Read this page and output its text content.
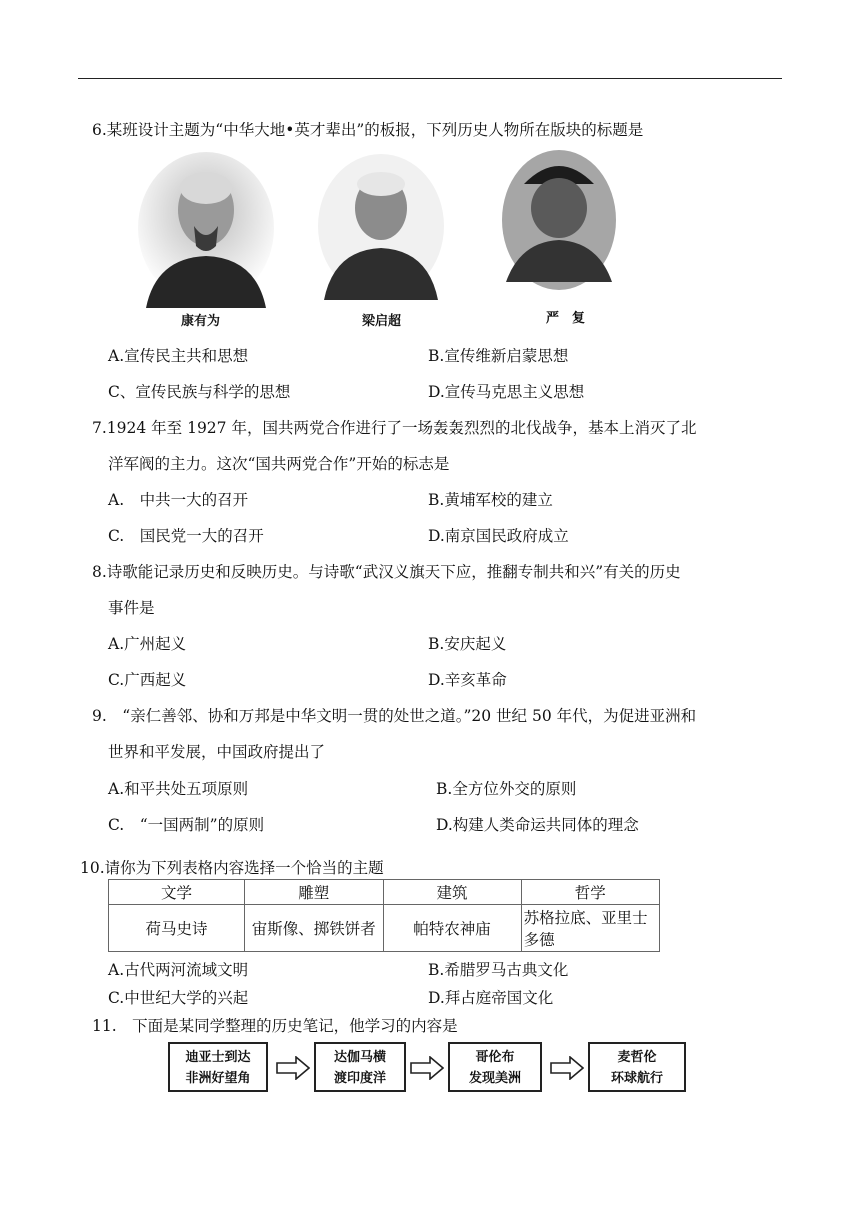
6.某班设计主题为“中华大地•英才辈出”的板报，下列历史人物所在版块的标题是
康有为	梁启超	严　复
A.宣传民主共和思想	B.宣传维新启蒙思想
C、宣传民族与科学的思想	D.宣传马克思主义思想
7.1924 年至 1927 年，国共两党合作进行了一场轰轰烈烈的北伐战争，基本上消灭了北
洋军阀的主力。这次“国共两党合作”开始的标志是
A.　中共一大的召开	B.黄埔军校的建立
C.　国民党一大的召开	D.南京国民政府成立
8.诗歌能记录历史和反映历史。与诗歌“武汉义旗天下应，推翻专制共和兴”有关的历史
事件是
A.广州起义	B.安庆起义
C.广西起义	D.辛亥革命
9.　“亲仁善邻、协和万邦是中华文明一贯的处世之道。”20 世纪 50 年代，为促进亚洲和
世界和平发展，中国政府提出了
A.和平共处五项原则	B.全方位外交的原则
C.　“一国两制”的原则	D.构建人类命运共同体的理念
10.请你为下列表格内容选择一个恰当的主题
文学	雕塑	建筑	哲学
荷马史诗	宙斯像、掷铁饼者	帕特农神庙	苏格拉底、亚里士多德
A.古代两河流域文明	B.希腊罗马古典文化
C.中世纪大学的兴起	D.拜占庭帝国文化
11.　下面是某同学整理的历史笔记，他学习的内容是
迪亚士到达
非洲好望角
达伽马横
渡印度洋
哥伦布
发现美洲
麦哲伦
环球航行
